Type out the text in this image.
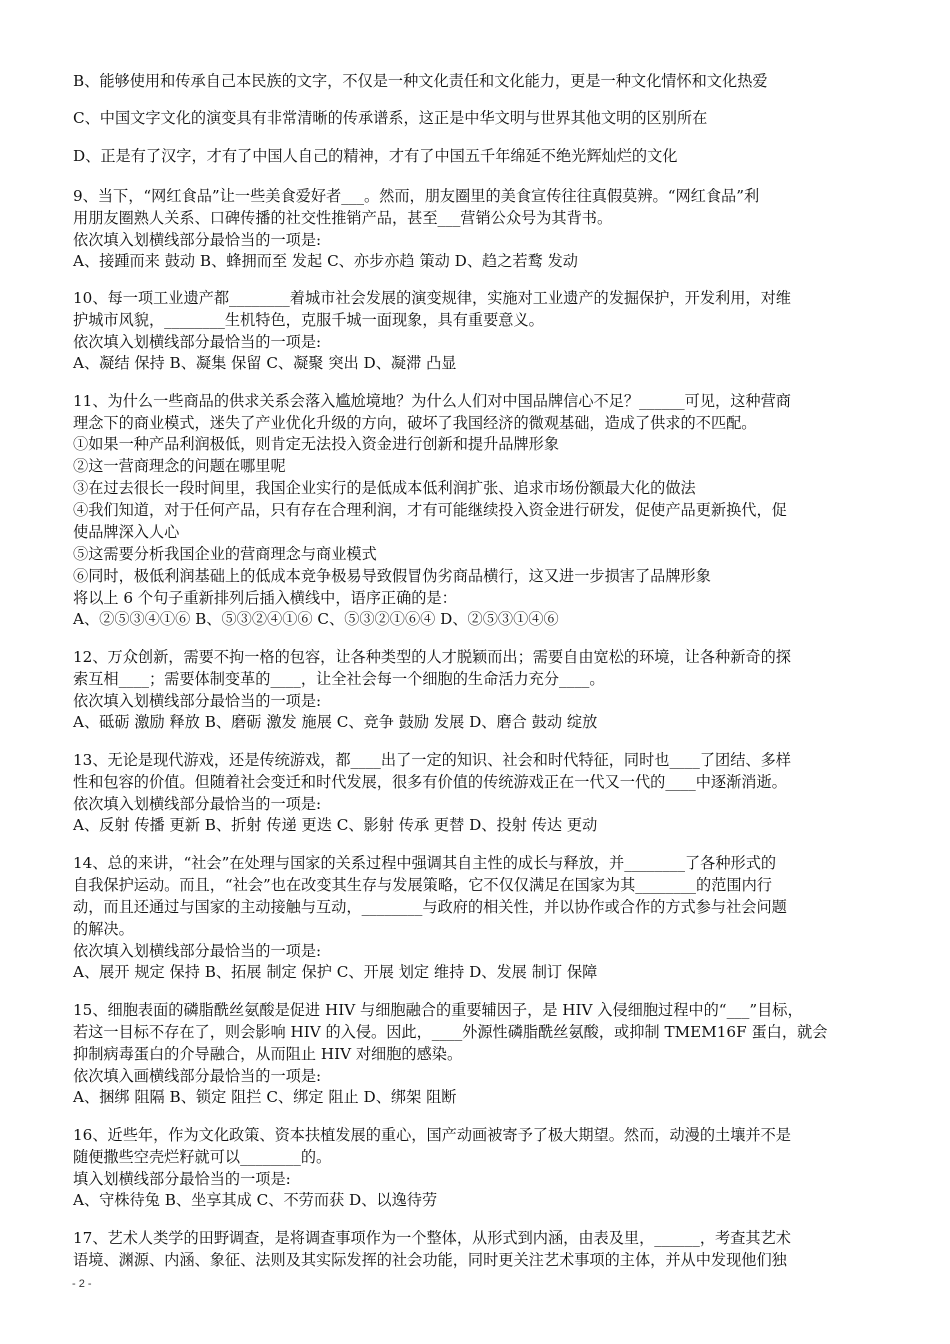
B、能够使用和传承自己本民族的文字，不仅是一种文化责任和文化能力，更是一种文化情怀和文化热爱
C、中国文字文化的演变具有非常清晰的传承谱系，这正是中华文明与世界其他文明的区别所在
D、正是有了汉字，才有了中国人自己的精神，才有了中国五千年绵延不绝光辉灿烂的文化
9、当下，“网红食品”让一些美食爱好者___。然而，朋友圈里的美食宣传往往真假莫辨。“网红食品”利
用朋友圈熟人关系、口碑传播的社交性推销产品，甚至___营销公众号为其背书。
依次填入划横线部分最恰当的一项是:
A、接踵而来 鼓动 B、蜂拥而至 发起 C、亦步亦趋 策动 D、趋之若鹜 发动
10、每一项工业遗产都________着城市社会发展的演变规律，实施对工业遗产的发掘保护，开发利用，对维
护城市风貌，________生机特色，克服千城一面现象，具有重要意义。
依次填入划横线部分最恰当的一项是:
A、凝结 保持 B、凝集 保留 C、凝聚 突出 D、凝滞 凸显
11、为什么一些商品的供求关系会落入尴尬境地？为什么人们对中国品牌信心不足？______可见，这种营商
理念下的商业模式，迷失了产业优化升级的方向，破坏了我国经济的微观基础，造成了供求的不匹配。
①如果一种产品利润极低，则肯定无法投入资金进行创新和提升品牌形象
②这一营商理念的问题在哪里呢
③在过去很长一段时间里，我国企业实行的是低成本低利润扩张、追求市场份额最大化的做法
④我们知道，对于任何产品，只有存在合理利润，才有可能继续投入资金进行研发，促使产品更新换代，促
使品牌深入人心
⑤这需要分析我国企业的营商理念与商业模式
⑥同时，极低利润基础上的低成本竞争极易导致假冒伪劣商品横行，这又进一步损害了品牌形象
将以上 6 个句子重新排列后插入横线中，语序正确的是：
A、②⑤③④①⑥ B、⑤③②④①⑥ C、⑤③②①⑥④ D、②⑤③①④⑥
12、万众创新，需要不拘一格的包容，让各种类型的人才脱颖而出；需要自由宽松的环境，让各种新奇的探
索互相____；需要体制变革的____，让全社会每一个细胞的生命活力充分____。
依次填入划横线部分最恰当的一项是:
A、砥砺 激励 释放 B、磨砺 激发 施展 C、竞争 鼓励 发展 D、磨合 鼓动 绽放
13、无论是现代游戏，还是传统游戏，都____出了一定的知识、社会和时代特征，同时也____了团结、多样
性和包容的价值。但随着社会变迁和时代发展，很多有价值的传统游戏正在一代又一代的____中逐渐消逝。
依次填入划横线部分最恰当的一项是:
A、反射 传播 更新 B、折射 传递 更迭 C、影射 传承 更替 D、投射 传达 更动
14、总的来讲，“社会”在处理与国家的关系过程中强调其自主性的成长与释放，并________了各种形式的
自我保护运动。而且，“社会”也在改变其生存与发展策略，它不仅仅满足在国家为其________的范围内行
动，而且还通过与国家的主动接触与互动，________与政府的相关性，并以协作或合作的方式参与社会问题
的解决。
依次填入划横线部分最恰当的一项是:
A、展开 规定 保持 B、拓展 制定 保护 C、开展 划定 维持 D、发展 制订 保障
15、细胞表面的磷脂酰丝氨酸是促进 HIV 与细胞融合的重要辅因子，是 HIV 入侵细胞过程中的“___”目标，
若这一目标不存在了，则会影响 HIV 的入侵。因此，____外源性磷脂酰丝氨酸，或抑制 TMEM16F 蛋白，就会
抑制病毒蛋白的介导融合，从而阻止 HIV 对细胞的感染。
依次填入画横线部分最恰当的一项是:
A、捆绑 阻隔 B、锁定 阻拦 C、绑定 阻止 D、绑架 阻断
16、近些年，作为文化政策、资本扶植发展的重心，国产动画被寄予了极大期望。然而，动漫的土壤并不是
随便撒些空壳烂籽就可以________的。
填入划横线部分最恰当的一项是:
A、守株待兔 B、坐享其成 C、不劳而获 D、以逸待劳
17、艺术人类学的田野调查，是将调查事项作为一个整体，从形式到内涵，由表及里，______，考查其艺术
语境、渊源、内涵、象征、法则及其实际发挥的社会功能，同时更关注艺术事项的主体，并从中发现他们独
- 2 -
